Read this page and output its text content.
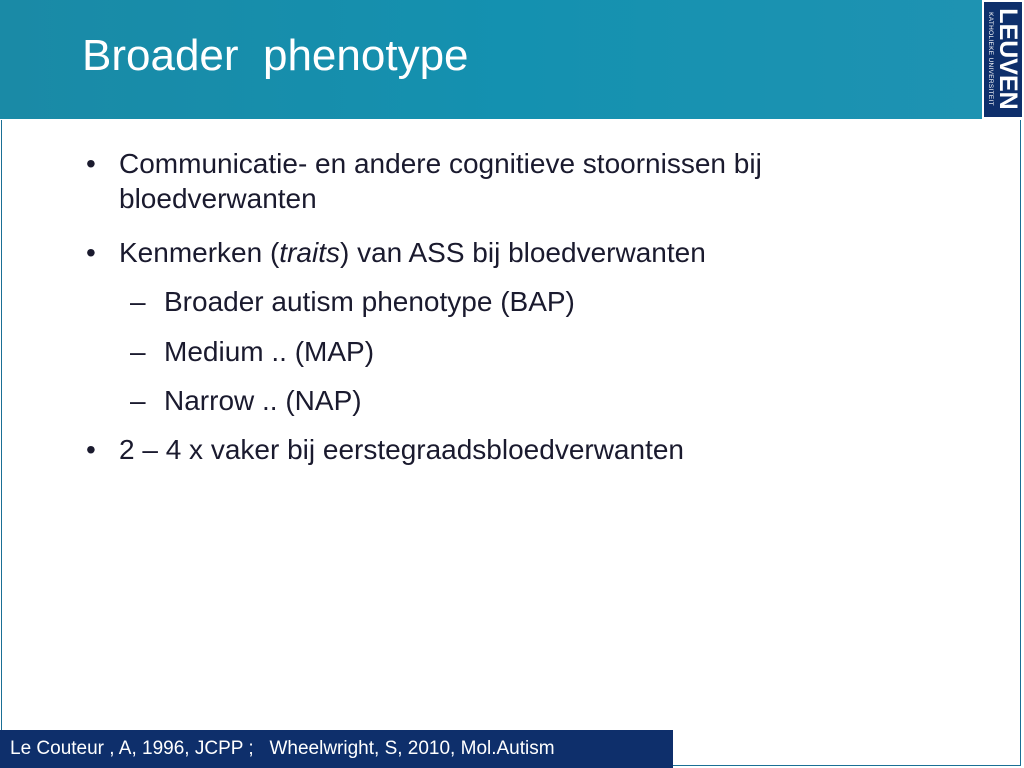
Broader  phenotype	LEUVEN
KATHOLIEKE UNIVERSITEIT
• Communicatie- en andere cognitieve stoornissen bij
bloedverwanten
• Kenmerken (traits) van ASS bij bloedverwanten
– Broader autism phenotype (BAP)
– Medium .. (MAP)
– Narrow .. (NAP)
• 2 – 4 x vaker bij eerstegraadsbloedverwanten
Le Couteur , A, 1996, JCPP ;   Wheelwright, S, 2010, Mol.Autism
